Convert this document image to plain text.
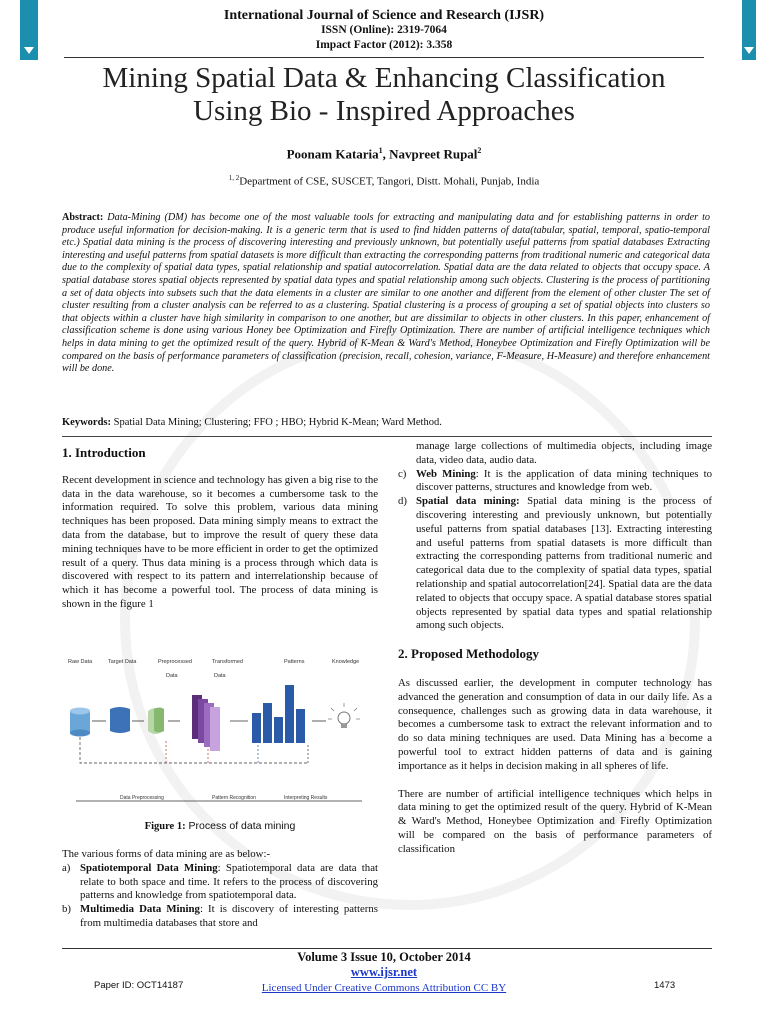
International Journal of Science and Research (IJSR)
ISSN (Online): 2319-7064
Impact Factor (2012): 3.358
Mining Spatial Data & Enhancing Classification
Using Bio - Inspired Approaches
Poonam Kataria$^1$, Navpreet Rupal$^2$
$^{1, 2}$Department of CSE, SUSCET, Tangori, Distt. Mohali, Punjab, India
Abstract: Data-Mining (DM) has become one of the most valuable tools for extracting and manipulating data and for establishing patterns in order to produce useful information for decision-making. It is a generic term that is used to find hidden patterns of data(tabular, spatial, temporal, spatio-temporal etc.) Spatial data mining is the process of discovering interesting and previously unknown, but potentially useful patterns from spatial databases Extracting interesting and useful patterns from spatial datasets is more difficult than extracting the corresponding patterns from traditional numeric and categorical data due to the complexity of spatial data types, spatial relationship and spatial autocorrelation. Spatial data are the data related to objects that occupy space. A spatial database stores spatial objects represented by spatial data types and spatial relationship among such objects. Clustering is the process of partitioning a set of data objects into subsets such that the data elements in a cluster are similar to one another and different from the element of other cluster The set of cluster resulting from a cluster analysis can be referred to as a clustering. Spatial clustering is a process of grouping a set of spatial objects into clusters so that objects within a cluster have high similarity in comparison to one another, but are dissimilar to objects in other clusters. In this paper, enhancement of classification scheme is done using various Honey bee Optimization and Firefly Optimization. There are number of artificial intelligence techniques which helps in data mining to get the optimized result of the query. Hybrid of K-Mean & Ward's Method, Honeybee Optimization and Firefly Optimization will be compared on the basis of performance parameters of classification (precision, recall, cohesion, variance, F-Measure, H-Measure) and therefore enhancement will be done.
Keywords: Spatial Data Mining; Clustering; FFO ; HBO; Hybrid K-Mean; Ward Method.
1. Introduction

Recent development in science and technology has given a big rise to the data in the data warehouse, so it becomes a cumbersome task to the information required. To solve this problem, various data mining techniques has been proposed. Data mining simply means to extract the data from the database, but to improve the result of query these data mining techniques have to be more efficient in order to get the optimized result of a query. Thus data mining is a process through which data is discovered with respect to its pattern and interrelationship because of which it has become a powerful tool. The process of data mining is shown in the figure 1

Raw Data	Target Data	Preprocessed	Transformed	Patterns	Knowledge
Data	Data
Data Preprocessing	Pattern Recognition	Interpreting Results
Figure 1: Process of data mining

The various forms of data mining are as below:-

a) Spatiotemporal Data Mining: Spatiotemporal data are data that relate to both space and time. It refers to the process of discovering patterns and knowledge from spatiotemporal data.
b) Multimedia Data Mining: It is discovery of interesting patterns from multimedia databases that store and
manage large collections of multimedia objects, including image data, video data, audio data.
c) Web Mining: It is the application of data mining techniques to discover patterns, structures and knowledge from web.
d) Spatial data mining: Spatial data mining is the process of discovering interesting and previously unknown, but potentially useful patterns from spatial databases [13]. Extracting interesting and useful patterns from spatial datasets is more difficult than extracting the corresponding patterns from traditional numeric and categorical data due to the complexity of spatial data types, spatial relationship and spatial autocorrelation[24]. Spatial data are the data related to objects that occupy space. A spatial database stores spatial objects represented by spatial data types and spatial relationship among such objects.
2. Proposed Methodology

As discussed earlier, the development in computer technology has advanced the generation and consumption of data in our daily life. As a consequence, challenges such as growing data in data warehouse, it becomes a cumbersome task to extract the relevant information and to do so data mining techniques are used. Data Mining has a become a powerful tool to extract hidden patterns of data and is gaining importance as it helps in decision making in all spheres of life.

There are number of artificial intelligence techniques which helps in data mining to get the optimized result of the query. Hybrid of K-Mean & Ward's Method, Honeybee Optimization and Firefly Optimization will be compared on the basis of performance parameters of classification

Volume 3 Issue 10, October 2014
www.ijsr.net
Licensed Under Creative Commons Attribution CC BY
Paper ID: OCT14187	1473
